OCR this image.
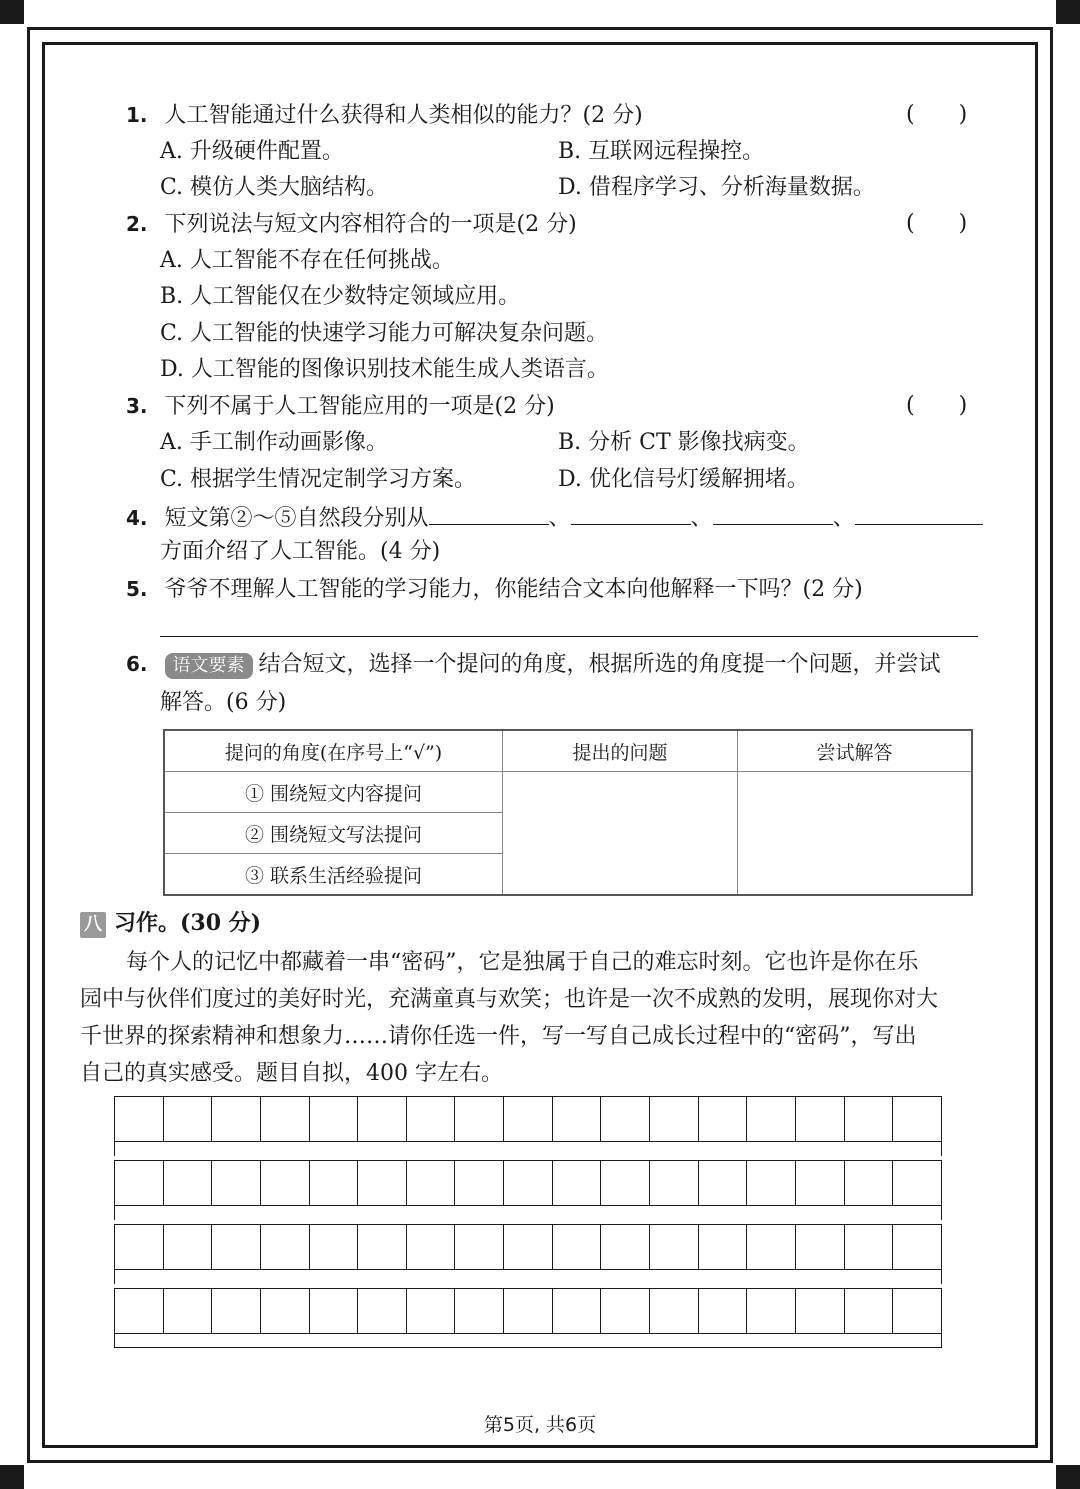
1. 人工智能通过什么获得和人类相似的能力？(2 分)	(　　)
A. 升级硬件配置。	B. 互联网远程操控。
C. 模仿人类大脑结构。	D. 借程序学习、分析海量数据。
2. 下列说法与短文内容相符合的一项是(2 分)	(　　)
A. 人工智能不存在任何挑战。
B. 人工智能仅在少数特定领域应用。
C. 人工智能的快速学习能力可解决复杂问题。
D. 人工智能的图像识别技术能生成人类语言。
3. 下列不属于人工智能应用的一项是(2 分)	(　　)
A. 手工制作动画影像。	B. 分析 CT 影像找病变。
C. 根据学生情况定制学习方案。	D. 优化信号灯缓解拥堵。
4. 短文第②～⑤自然段分别从	、	、	、
方面介绍了人工智能。(4 分)
5. 爷爷不理解人工智能的学习能力，你能结合文本向他解释一下吗？(2 分)
6. 语文要素 结合短文，选择一个提问的角度，根据所选的角度提一个问题，并尝试
解答。(6 分)
提问的角度(在序号上“√”)	提出的问题	尝试解答
① 围绕短文内容提问		
② 围绕短文写法提问		
③ 联系生活经验提问		
八 习作。(30 分)
每个人的记忆中都藏着一串“密码”，它是独属于自己的难忘时刻。它也许是你在乐
园中与伙伴们度过的美好时光，充满童真与欢笑；也许是一次不成熟的发明，展现你对大
千世界的探索精神和想象力……请你任选一件，写一写自己成长过程中的“密码”，写出
自己的真实感受。题目自拟，400 字左右。
第5页, 共6页
